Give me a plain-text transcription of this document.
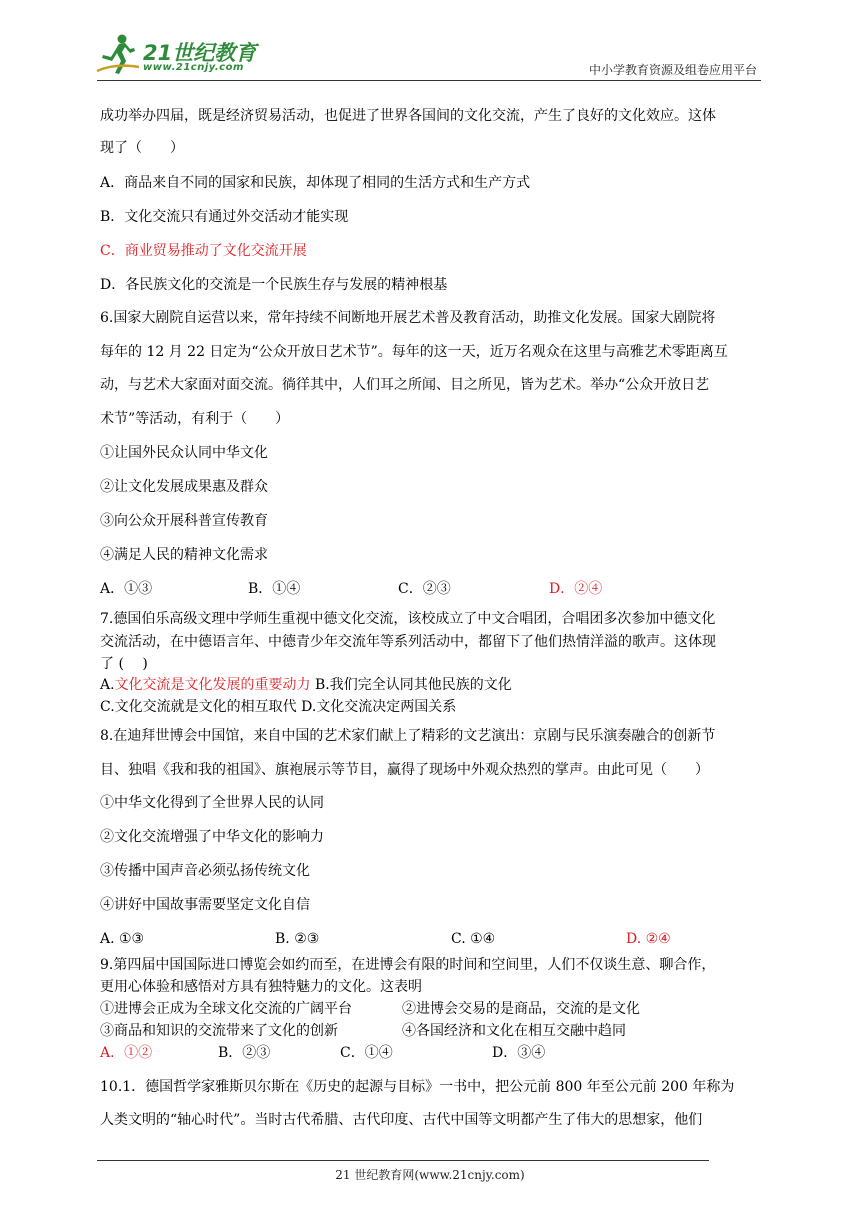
21世纪教育
www.21cnjy.com	中小学教育资源及组卷应用平台
成功举办四届，既是经济贸易活动，也促进了世界各国间的文化交流，产生了良好的文化效应。这体
现了（　　）
A．商品来自不同的国家和民族，却体现了相同的生活方式和生产方式
B．文化交流只有通过外交活动才能实现
C．商业贸易推动了文化交流开展
D．各民族文化的交流是一个民族生存与发展的精神根基
6.国家大剧院自运营以来，常年持续不间断地开展艺术普及教育活动，助推文化发展。国家大剧院将
每年的 12 月 22 日定为“公众开放日艺术节”。每年的这一天，近万名观众在这里与高雅艺术零距离互
动，与艺术大家面对面交流。徜徉其中，人们耳之所闻、目之所见，皆为艺术。举办“公众开放日艺
术节”等活动，有利于（　　）
①让国外民众认同中华文化
②让文化发展成果惠及群众
③向公众开展科普宣传教育
④满足人民的精神文化需求
A．①③	B．①④	C．②③	D．②④
7.德国伯乐高级文理中学师生重视中德文化交流，该校成立了中文合唱团，合唱团多次参加中德文化
交流活动，在中德语言年、中德青少年交流年等系列活动中，都留下了他们热情洋溢的歌声。这体现
了 (　 )
A.文化交流是文化发展的重要动力 B.我们完全认同其他民族的文化
C.文化交流就是文化的相互取代 D.文化交流决定两国关系
8.在迪拜世博会中国馆，来自中国的艺术家们献上了精彩的文艺演出：京剧与民乐演奏融合的创新节
目、独唱《我和我的祖国》、旗袍展示等节目，赢得了现场中外观众热烈的掌声。由此可见（　　）
①中华文化得到了全世界人民的认同
②文化交流增强了中华文化的影响力
③传播中国声音必须弘扬传统文化
④讲好中国故事需要坚定文化自信
A. ①③	B. ②③	C. ①④	D. ②④
9.第四届中国国际进口博览会如约而至，在进博会有限的时间和空间里，人们不仅谈生意、聊合作，
更用心体验和感悟对方具有独特魅力的文化。这表明
①进博会正成为全球文化交流的广阔平台	②进博会交易的是商品，交流的是文化
③商品和知识的交流带来了文化的创新	④各国经济和文化在相互交融中趋同
A．①②	B．②③	C．①④	D．③④
10.1．德国哲学家雅斯贝尔斯在《历史的起源与目标》一书中，把公元前 800 年至公元前 200 年称为
人类文明的“轴心时代”。当时古代希腊、古代印度、古代中国等文明都产生了伟大的思想家，他们
21 世纪教育网(www.21cnjy.com)
